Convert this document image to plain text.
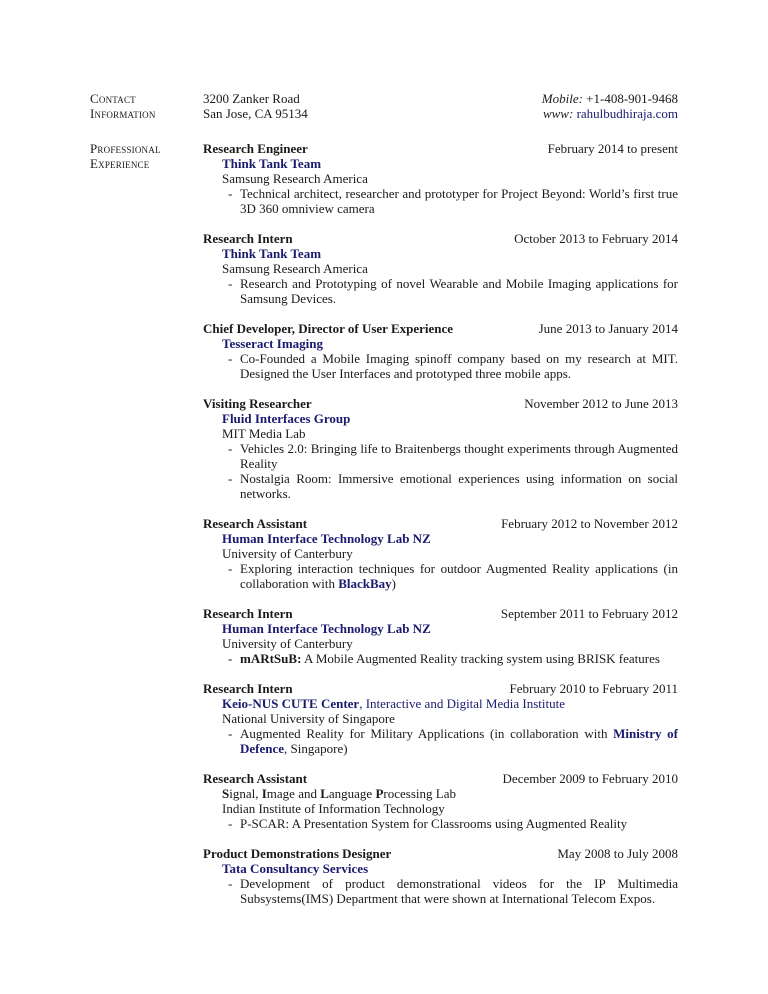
Contact	3200 Zanker Road	Mobile: +1-408-901-9468
Information	San Jose, CA 95134	www: rahulbudhiraja.com
Professional
Experience
Research Engineer	February 2014 to present
Think Tank Team
Samsung Research America
- Technical architect, researcher and prototyper for Project Beyond: World’s first true 3D 360 omniview camera
Research Intern	October 2013 to February 2014
Think Tank Team
Samsung Research America
- Research and Prototyping of novel Wearable and Mobile Imaging applications for Samsung Devices.
Chief Developer, Director of User Experience	June 2013 to January 2014
Tesseract Imaging
- Co-Founded a Mobile Imaging spinoff company based on my research at MIT. Designed the User Interfaces and prototyped three mobile apps.
Visiting Researcher	November 2012 to June 2013
Fluid Interfaces Group
MIT Media Lab
- Vehicles 2.0: Bringing life to Braitenbergs thought experiments through Augmented Reality
- Nostalgia Room: Immersive emotional experiences using information on social networks.
Research Assistant	February 2012 to November 2012
Human Interface Technology Lab NZ
University of Canterbury
- Exploring interaction techniques for outdoor Augmented Reality applications (in collaboration with BlackBay)
Research Intern	September 2011 to February 2012
Human Interface Technology Lab NZ
University of Canterbury
- mARtSuB: A Mobile Augmented Reality tracking system using BRISK features
Research Intern	February 2010 to February 2011
Keio-NUS CUTE Center, Interactive and Digital Media Institute
National University of Singapore
- Augmented Reality for Military Applications (in collaboration with Ministry of Defence, Singapore)
Research Assistant	December 2009 to February 2010
Signal, Image and Language Processing Lab
Indian Institute of Information Technology
- P-SCAR: A Presentation System for Classrooms using Augmented Reality
Product Demonstrations Designer	May 2008 to July 2008
Tata Consultancy Services
- Development of product demonstrational videos for the IP Multimedia Subsystems(IMS) Department that were shown at International Telecom Expos.
